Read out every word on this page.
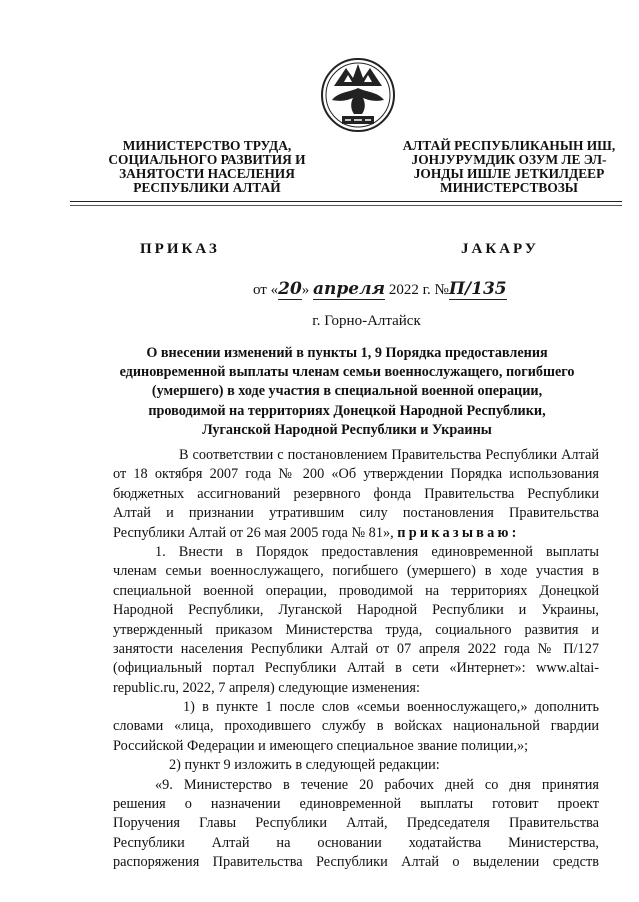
МИНИСТЕРСТВО ТРУДА,
СОЦИАЛЬНОГО РАЗВИТИЯ И
ЗАНЯТОСТИ НАСЕЛЕНИЯ
РЕСПУБЛИКИ АЛТАЙ
АЛТАЙ РЕСПУБЛИКАНЫН ИШ,
ЈОНЈУРУМДИК ОЗУМ ЛЕ ЭЛ-
ЈОНДЫ ИШЛЕ ЈЕТКИЛДЕЕР
МИНИСТЕРСТВОЗЫ
ПРИКАЗ	ЈАКАРУ
от «20» апреля 2022 г. №П/135
г. Горно-Алтайск
О внесении изменений в пункты 1, 9 Порядка предоставления
единовременной выплаты членам семьи военнослужащего, погибшего
(умершего) в ходе участия в специальной военной операции,
проводимой на территориях Донецкой Народной Республики,
Луганской Народной Республики и Украины
В соответствии с постановлением Правительства Республики Алтай
от 18 октября 2007 года № 200 «Об утверждении Порядка использования
бюджетных ассигнований резервного фонда Правительства Республики
Алтай и признании утратившим силу постановления Правительства
Республики Алтай от 26 мая 2005 года № 81», приказываю:
1. Внести в Порядок предоставления единовременной выплаты
членам семьи военнослужащего, погибшего (умершего) в ходе участия в
специальной военной операции, проводимой на территориях Донецкой
Народной Республики, Луганской Народной Республики и Украины,
утвержденный приказом Министерства труда, социального развития и
занятости населения Республики Алтай от 07 апреля 2022 года № П/127
(официальный портал Республики Алтай в сети «Интернет»: www.altai-
republic.ru, 2022, 7 апреля) следующие изменения:
1) в пункте 1 после слов «семьи военнослужащего,» дополнить
словами «лица, проходившего службу в войсках национальной гвардии
Российской Федерации и имеющего специальное звание полиции,»;
2) пункт 9 изложить в следующей редакции:
«9. Министерство в течение 20 рабочих дней со дня принятия
решения о назначении единовременной выплаты готовит проект
Поручения Главы Республики Алтай, Председателя Правительства
Республики Алтай на основании ходатайства Министерства,
распоряжения Правительства Республики Алтай о выделении средств
